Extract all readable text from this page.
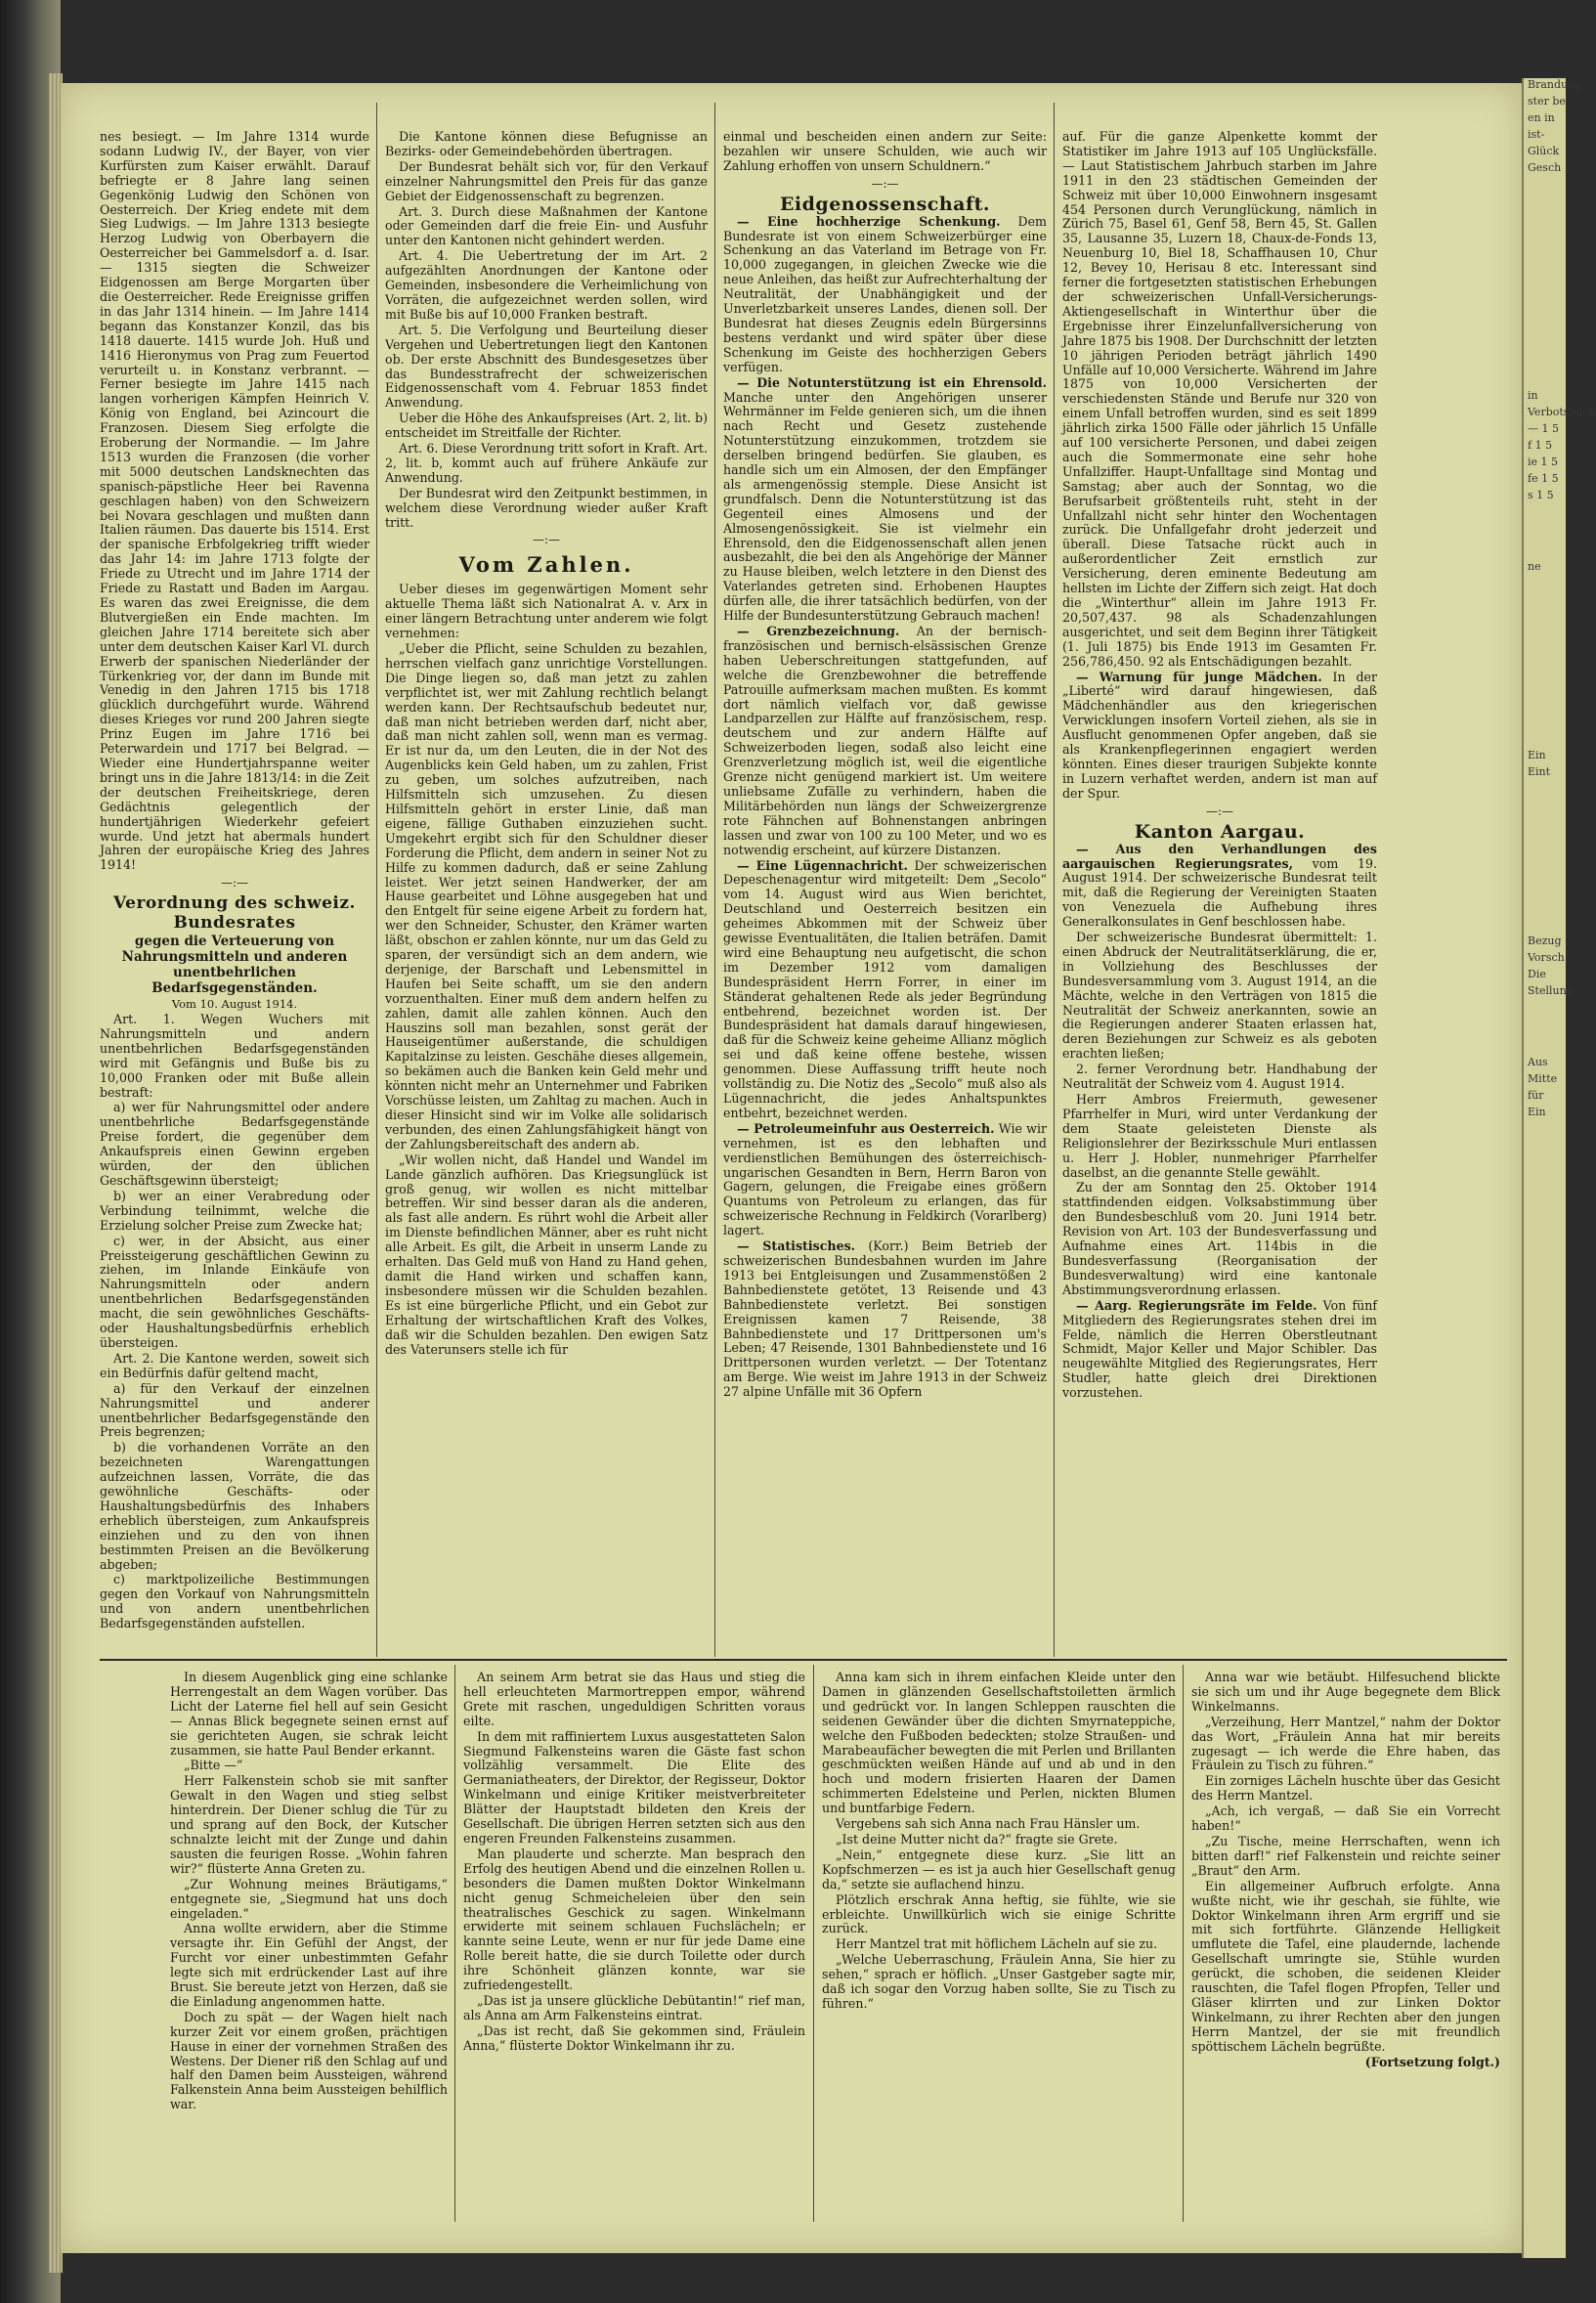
nes besiegt. — Im Jahre 1314 wurde sodann Ludwig IV., der Bayer, von vier Kurfürsten zum Kaiser erwählt. Darauf befriegte er 8 Jahre lang seinen Gegenkönig Ludwig den Schönen von Oesterreich. Der Krieg endete mit dem Sieg Ludwigs. — Im Jahre 1313 besiegte Herzog Ludwig von Oberbayern die Oesterreicher bei Gammelsdorf a. d. Isar. — 1315 siegten die Schweizer Eidgenossen am Berge Morgarten über die Oesterreicher. Rede Ereignisse griffen in das Jahr 1314 hinein. — Im Jahre 1414 begann das Konstanzer Konzil, das bis 1418 dauerte. 1415 wurde Joh. Huß und 1416 Hieronymus von Prag zum Feuertod verurteilt u. in Konstanz verbrannt. — Ferner besiegte im Jahre 1415 nach langen vorherigen Kämpfen Heinrich V. König von England, bei Azincourt die Franzosen. Diesem Sieg erfolgte die Eroberung der Normandie. — Im Jahre 1513 wurden die Franzosen (die vorher mit 5000 deutschen Landsknechten das spanisch-päpstliche Heer bei Ravenna geschlagen haben) von den Schweizern bei Novara geschlagen und mußten dann Italien räumen. Das dauerte bis 1514. Erst der spanische Erbfolgekrieg trifft wieder das Jahr 14: im Jahre 1713 folgte der Friede zu Utrecht und im Jahre 1714 der Friede zu Rastatt und Baden im Aargau. Es waren das zwei Ereignisse, die dem Blutvergießen ein Ende machten. Im gleichen Jahre 1714 bereitete sich aber unter dem deutschen Kaiser Karl VI. durch Erwerb der spanischen Niederländer der Türkenkrieg vor, der dann im Bunde mit Venedig in den Jahren 1715 bis 1718 glücklich durchgeführt wurde. Während dieses Krieges vor rund 200 Jahren siegte Prinz Eugen im Jahre 1716 bei Peterwardein und 1717 bei Belgrad. — Wieder eine Hundertjahrspanne weiter bringt uns in die Jahre 1813/14: in die Zeit der deutschen Freiheitskriege, deren Gedächtnis gelegentlich der hundertjährigen Wiederkehr gefeiert wurde. Und jetzt hat abermals hundert Jahren der europäische Krieg des Jahres 1914!

—:—

Verordnung des schweiz. Bundesrates

gegen die Verteuerung von Nahrungsmitteln und anderen unentbehrlichen Bedarfsgegenständen.

Vom 10. August 1914.

Art. 1. Wegen Wuchers mit Nahrungsmitteln und andern unentbehrlichen Bedarfsgegenständen wird mit Gefängnis und Buße bis zu 10,000 Franken oder mit Buße allein bestraft:

a) wer für Nahrungsmittel oder andere unentbehrliche Bedarfsgegenstände Preise fordert, die gegenüber dem Ankaufspreis einen Gewinn ergeben würden, der den üblichen Geschäftsgewinn übersteigt;

b) wer an einer Verabredung oder Verbindung teilnimmt, welche die Erzielung solcher Preise zum Zwecke hat;

c) wer, in der Absicht, aus einer Preissteigerung geschäftlichen Gewinn zu ziehen, im Inlande Einkäufe von Nahrungsmitteln oder andern unentbehrlichen Bedarfsgegenständen macht, die sein gewöhnliches Geschäfts- oder Haushaltungsbedürfnis erheblich übersteigen.

Art. 2. Die Kantone werden, soweit sich ein Bedürfnis dafür geltend macht,

a) für den Verkauf der einzelnen Nahrungsmittel und anderer unentbehrlicher Bedarfsgegenstände den Preis begrenzen;

b) die vorhandenen Vorräte an den bezeichneten Warengattungen aufzeichnen lassen, Vorräte, die das gewöhnliche Geschäfts- oder Haushaltungsbedürfnis des Inhabers erheblich übersteigen, zum Ankaufspreis einziehen und zu den von ihnen bestimmten Preisen an die Bevölkerung abgeben;

c) marktpolizeiliche Bestimmungen gegen den Vorkauf von Nahrungsmitteln und von andern unentbehrlichen Bedarfsgegenständen aufstellen.

Die Kantone können diese Befugnisse an Bezirks- oder Gemeindebehörden übertragen.

Der Bundesrat behält sich vor, für den Verkauf einzelner Nahrungsmittel den Preis für das ganze Gebiet der Eidgenossenschaft zu begrenzen.

Art. 3. Durch diese Maßnahmen der Kantone oder Gemeinden darf die freie Ein- und Ausfuhr unter den Kantonen nicht gehindert werden.

Art. 4. Die Uebertretung der im Art. 2 aufgezählten Anordnungen der Kantone oder Gemeinden, insbesondere die Verheimlichung von Vorräten, die aufgezeichnet werden sollen, wird mit Buße bis auf 10,000 Franken bestraft.

Art. 5. Die Verfolgung und Beurteilung dieser Vergehen und Uebertretungen liegt den Kantonen ob. Der erste Abschnitt des Bundesgesetzes über das Bundesstrafrecht der schweizerischen Eidgenossenschaft vom 4. Februar 1853 findet Anwendung.

Ueber die Höhe des Ankaufspreises (Art. 2, lit. b) entscheidet im Streitfalle der Richter.

Art. 6. Diese Verordnung tritt sofort in Kraft. Art. 2, lit. b, kommt auch auf frühere Ankäufe zur Anwendung.

Der Bundesrat wird den Zeitpunkt bestimmen, in welchem diese Verordnung wieder außer Kraft tritt.

—:—

Vom Zahlen.

Ueber dieses im gegenwärtigen Moment sehr aktuelle Thema läßt sich Nationalrat A. v. Arx in einer längern Betrachtung unter anderem wie folgt vernehmen:

„Ueber die Pflicht, seine Schulden zu bezahlen, herrschen vielfach ganz unrichtige Vorstellungen. Die Dinge liegen so, daß man jetzt zu zahlen verpflichtet ist, wer mit Zahlung rechtlich belangt werden kann. Der Rechtsaufschub bedeutet nur, daß man nicht betrieben werden darf, nicht aber, daß man nicht zahlen soll, wenn man es vermag. Er ist nur da, um den Leuten, die in der Not des Augenblicks kein Geld haben, um zu zahlen, Frist zu geben, um solches aufzutreiben, nach Hilfsmitteln sich umzusehen. Zu diesen Hilfsmitteln gehört in erster Linie, daß man eigene, fällige Guthaben einzuziehen sucht. Umgekehrt ergibt sich für den Schuldner dieser Forderung die Pflicht, dem andern in seiner Not zu Hilfe zu kommen dadurch, daß er seine Zahlung leistet. Wer jetzt seinen Handwerker, der am Hause gearbeitet und Löhne ausgegeben hat und den Entgelt für seine eigene Arbeit zu fordern hat, wer den Schneider, Schuster, den Krämer warten läßt, obschon er zahlen könnte, nur um das Geld zu sparen, der versündigt sich an dem andern, wie derjenige, der Barschaft und Lebensmittel in Haufen bei Seite schafft, um sie den andern vorzuenthalten. Einer muß dem andern helfen zu zahlen, damit alle zahlen können. Auch den Hauszins soll man bezahlen, sonst gerät der Hauseigentümer außerstande, die schuldigen Kapitalzinse zu leisten. Geschähe dieses allgemein, so bekämen auch die Banken kein Geld mehr und könnten nicht mehr an Unternehmer und Fabriken Vorschüsse leisten, um Zahltag zu machen. Auch in dieser Hinsicht sind wir im Volke alle solidarisch verbunden, des einen Zahlungsfähigkeit hängt von der Zahlungsbereitschaft des andern ab.

„Wir wollen nicht, daß Handel und Wandel im Lande gänzlich aufhören. Das Kriegsunglück ist groß genug, wir wollen es nicht mittelbar betreffen. Wir sind besser daran als die anderen, als fast alle andern. Es rührt wohl die Arbeit aller im Dienste befindlichen Männer, aber es ruht nicht alle Arbeit. Es gilt, die Arbeit in unserm Lande zu erhalten. Das Geld muß von Hand zu Hand gehen, damit die Hand wirken und schaffen kann, insbesondere müssen wir die Schulden bezahlen. Es ist eine bürgerliche Pflicht, und ein Gebot zur Erhaltung der wirtschaftlichen Kraft des Volkes, daß wir die Schulden bezahlen. Den ewigen Satz des Vaterunsers stelle ich für

einmal und bescheiden einen andern zur Seite: bezahlen wir unsere Schulden, wie auch wir Zahlung erhoffen von unsern Schuldnern.“

—:—

Eidgenossenschaft.

— Eine hochherzige Schenkung. Dem Bundesrate ist von einem Schweizerbürger eine Schenkung an das Vaterland im Betrage von Fr. 10,000 zugegangen, in gleichen Zwecke wie die neue Anleihen, das heißt zur Aufrechterhaltung der Neutralität, der Unabhängigkeit und der Unverletzbarkeit unseres Landes, dienen soll. Der Bundesrat hat dieses Zeugnis edeln Bürgersinns bestens verdankt und wird später über diese Schenkung im Geiste des hochherzigen Gebers verfügen.

— Die Notunterstützung ist ein Ehrensold. Manche unter den Angehörigen unserer Wehrmänner im Felde genieren sich, um die ihnen nach Recht und Gesetz zustehende Notunterstützung einzukommen, trotzdem sie derselben bringend bedürfen. Sie glauben, es handle sich um ein Almosen, der den Empfänger als armengenössig stemple. Diese Ansicht ist grundfalsch. Denn die Notunterstützung ist das Gegenteil eines Almosens und der Almosengenössigkeit. Sie ist vielmehr ein Ehrensold, den die Eidgenossenschaft allen jenen ausbezahlt, die bei den als Angehörige der Männer zu Hause bleiben, welch letztere in den Dienst des Vaterlandes getreten sind. Erhobenen Hauptes dürfen alle, die ihrer tatsächlich bedürfen, von der Hilfe der Bundesunterstützung Gebrauch machen!

— Grenzbezeichnung. An der bernisch-französischen und bernisch-elsässischen Grenze haben Ueberschreitungen stattgefunden, auf welche die Grenzbewohner die betreffende Patrouille aufmerksam machen mußten. Es kommt dort nämlich vielfach vor, daß gewisse Landparzellen zur Hälfte auf französischem, resp. deutschem und zur andern Hälfte auf Schweizerboden liegen, sodaß also leicht eine Grenzverletzung möglich ist, weil die eigentliche Grenze nicht genügend markiert ist. Um weitere unliebsame Zufälle zu verhindern, haben die Militärbehörden nun längs der Schweizergrenze rote Fähnchen auf Bohnenstangen anbringen lassen und zwar von 100 zu 100 Meter, und wo es notwendig erscheint, auf kürzere Distanzen.

— Eine Lügennachricht. Der schweizerischen Depeschenagentur wird mitgeteilt: Dem „Secolo“ vom 14. August wird aus Wien berichtet, Deutschland und Oesterreich besitzen ein geheimes Abkommen mit der Schweiz über gewisse Eventualitäten, die Italien beträfen. Damit wird eine Behauptung neu aufgetischt, die schon im Dezember 1912 vom damaligen Bundespräsident Herrn Forrer, in einer im Ständerat gehaltenen Rede als jeder Begründung entbehrend, bezeichnet worden ist. Der Bundespräsident hat damals darauf hingewiesen, daß für die Schweiz keine geheime Allianz möglich sei und daß keine offene bestehe, wissen genommen. Diese Auffassung trifft heute noch vollständig zu. Die Notiz des „Secolo“ muß also als Lügennachricht, die jedes Anhaltspunktes entbehrt, bezeichnet werden.

— Petroleumeinfuhr aus Oesterreich. Wie wir vernehmen, ist es den lebhaften und verdienstlichen Bemühungen des österreichisch-ungarischen Gesandten in Bern, Herrn Baron von Gagern, gelungen, die Freigabe eines größern Quantums von Petroleum zu erlangen, das für schweizerische Rechnung in Feldkirch (Vorarlberg) lagert.

— Statistisches. (Korr.) Beim Betrieb der schweizerischen Bundesbahnen wurden im Jahre 1913 bei Entgleisungen und Zusammenstößen 2 Bahnbedienstete getötet, 13 Reisende und 43 Bahnbedienstete verletzt. Bei sonstigen Ereignissen kamen 7 Reisende, 38 Bahnbedienstete und 17 Drittpersonen um's Leben; 47 Reisende, 1301 Bahnbedienstete und 16 Drittpersonen wurden verletzt. — Der Totentanz am Berge. Wie weist im Jahre 1913 in der Schweiz 27 alpine Unfälle mit 36 Opfern

auf. Für die ganze Alpenkette kommt der Statistiker im Jahre 1913 auf 105 Unglücksfälle. — Laut Statistischem Jahrbuch starben im Jahre 1911 in den 23 städtischen Gemeinden der Schweiz mit über 10,000 Einwohnern insgesamt 454 Personen durch Verunglückung, nämlich in Zürich 75, Basel 61, Genf 58, Bern 45, St. Gallen 35, Lausanne 35, Luzern 18, Chaux-de-Fonds 13, Neuenburg 10, Biel 18, Schaffhausen 10, Chur 12, Bevey 10, Herisau 8 etc. Interessant sind ferner die fortgesetzten statistischen Erhebungen der schweizerischen Unfall-Versicherungs-Aktiengesellschaft in Winterthur über die Ergebnisse ihrer Einzelunfallversicherung von Jahre 1875 bis 1908. Der Durchschnitt der letzten 10 jährigen Perioden beträgt jährlich 1490 Unfälle auf 10,000 Versicherte. Während im Jahre 1875 von 10,000 Versicherten der verschiedensten Stände und Berufe nur 320 von einem Unfall betroffen wurden, sind es seit 1899 jährlich zirka 1500 Fälle oder jährlich 15 Unfälle auf 100 versicherte Personen, und dabei zeigen auch die Sommermonate eine sehr hohe Unfallziffer. Haupt-Unfalltage sind Montag und Samstag; aber auch der Sonntag, wo die Berufsarbeit größtenteils ruht, steht in der Unfallzahl nicht sehr hinter den Wochentagen zurück. Die Unfallgefahr droht jederzeit und überall. Diese Tatsache rückt auch in außerordentlicher Zeit ernstlich zur Versicherung, deren eminente Bedeutung am hellsten im Lichte der Ziffern sich zeigt. Hat doch die „Winterthur“ allein im Jahre 1913 Fr. 20,507,437. 98 als Schadenzahlungen ausgerichtet, und seit dem Beginn ihrer Tätigkeit (1. Juli 1875) bis Ende 1913 im Gesamten Fr. 256,786,450. 92 als Entschädigungen bezahlt.

— Warnung für junge Mädchen. In der „Liberté“ wird darauf hingewiesen, daß Mädchenhändler aus den kriegerischen Verwicklungen insofern Vorteil ziehen, als sie in Ausflucht genommenen Opfer angeben, daß sie als Krankenpflegerinnen engagiert werden könnten. Eines dieser traurigen Subjekte konnte in Luzern verhaftet werden, andern ist man auf der Spur.

—:—

Kanton Aargau.

— Aus den Verhandlungen des aargauischen Regierungsrates, vom 19. August 1914. Der schweizerische Bundesrat teilt mit, daß die Regierung der Vereinigten Staaten von Venezuela die Aufhebung ihres Generalkonsulates in Genf beschlossen habe.

Der schweizerische Bundesrat übermittelt: 1. einen Abdruck der Neutralitätserklärung, die er, in Vollziehung des Beschlusses der Bundesversammlung vom 3. August 1914, an die Mächte, welche in den Verträgen von 1815 die Neutralität der Schweiz anerkannten, sowie an die Regierungen anderer Staaten erlassen hat, deren Beziehungen zur Schweiz es als geboten erachten ließen;

2. ferner Verordnung betr. Handhabung der Neutralität der Schweiz vom 4. August 1914.

Herr Ambros Freiermuth, gewesener Pfarrhelfer in Muri, wird unter Verdankung der dem Staate geleisteten Dienste als Religionslehrer der Bezirksschule Muri entlassen u. Herr J. Hobler, nunmehriger Pfarrhelfer daselbst, an die genannte Stelle gewählt.

Zu der am Sonntag den 25. Oktober 1914 stattfindenden eidgen. Volksabstimmung über den Bundesbeschluß vom 20. Juni 1914 betr. Revision von Art. 103 der Bundesverfassung und Aufnahme eines Art. 114bis in die Bundesverfassung (Reorganisation der Bundesverwaltung) wird eine kantonale Abstimmungsverordnung erlassen.

— Aarg. Regierungsräte im Felde. Von fünf Mitgliedern des Regierungsrates stehen drei im Felde, nämlich die Herren Oberstleutnant Schmidt, Major Keller und Major Schibler. Das neugewählte Mitglied des Regierungsrates, Herr Studler, hatte gleich drei Direktionen vorzustehen.

In diesem Augenblick ging eine schlanke Herrengestalt an dem Wagen vorüber. Das Licht der Laterne fiel hell auf sein Gesicht — Annas Blick begegnete seinen ernst auf sie gerichteten Augen, sie schrak leicht zusammen, sie hatte Paul Bender erkannt.

„Bitte —“

Herr Falkenstein schob sie mit sanfter Gewalt in den Wagen und stieg selbst hinterdrein. Der Diener schlug die Tür zu und sprang auf den Bock, der Kutscher schnalzte leicht mit der Zunge und dahin sausten die feurigen Rosse. „Wohin fahren wir?“ flüsterte Anna Greten zu.

„Zur Wohnung meines Bräutigams,“ entgegnete sie, „Siegmund hat uns doch eingeladen.“

Anna wollte erwidern, aber die Stimme versagte ihr. Ein Gefühl der Angst, der Furcht vor einer unbestimmten Gefahr legte sich mit erdrückender Last auf ihre Brust. Sie bereute jetzt von Herzen, daß sie die Einladung angenommen hatte.

Doch zu spät — der Wagen hielt nach kurzer Zeit vor einem großen, prächtigen Hause in einer der vornehmen Straßen des Westens. Der Diener riß den Schlag auf und half den Damen beim Aussteigen, während Falkenstein Anna beim Aussteigen behilflich war.

An seinem Arm betrat sie das Haus und stieg die hell erleuchteten Marmortreppen empor, während Grete mit raschen, ungeduldigen Schritten voraus eilte.

In dem mit raffiniertem Luxus ausgestatteten Salon Siegmund Falkensteins waren die Gäste fast schon vollzählig versammelt. Die Elite des Germaniatheaters, der Direktor, der Regisseur, Doktor Winkelmann und einige Kritiker meistverbreiteter Blätter der Hauptstadt bildeten den Kreis der Gesellschaft. Die übrigen Herren setzten sich aus den engeren Freunden Falkensteins zusammen.

Man plauderte und scherzte. Man besprach den Erfolg des heutigen Abend und die einzelnen Rollen u. besonders die Damen mußten Doktor Winkelmann nicht genug Schmeicheleien über den sein theatralisches Geschick zu sagen. Winkelmann erwiderte mit seinem schlauen Fuchslächeln; er kannte seine Leute, wenn er nur für jede Dame eine Rolle bereit hatte, die sie durch Toilette oder durch ihre Schönheit glänzen konnte, war sie zufriedengestellt.

„Das ist ja unsere glückliche Debütantin!“ rief man, als Anna am Arm Falkensteins eintrat.

„Das ist recht, daß Sie gekommen sind, Fräulein Anna,“ flüsterte Doktor Winkelmann ihr zu.

Anna kam sich in ihrem einfachen Kleide unter den Damen in glänzenden Gesellschaftstoiletten ärmlich und gedrückt vor. In langen Schleppen rauschten die seidenen Gewänder über die dichten Smyrnateppiche, welche den Fußboden bedeckten; stolze Straußen- und Marabeaufächer bewegten die mit Perlen und Brillanten geschmückten weißen Hände auf und ab und in den hoch und modern frisierten Haaren der Damen schimmerten Edelsteine und Perlen, nickten Blumen und buntfarbige Federn.

Vergebens sah sich Anna nach Frau Hänsler um.

„Ist deine Mutter nicht da?“ fragte sie Grete.

„Nein,“ entgegnete diese kurz. „Sie litt an Kopfschmerzen — es ist ja auch hier Gesellschaft genug da,“ setzte sie auflachend hinzu.

Plötzlich erschrak Anna heftig, sie fühlte, wie sie erbleichte. Unwillkürlich wich sie einige Schritte zurück.

Herr Mantzel trat mit höflichem Lächeln auf sie zu.

„Welche Ueberraschung, Fräulein Anna, Sie hier zu sehen,“ sprach er höflich. „Unser Gastgeber sagte mir, daß ich sogar den Vorzug haben sollte, Sie zu Tisch zu führen.“

Anna war wie betäubt. Hilfesuchend blickte sie sich um und ihr Auge begegnete dem Blick Winkelmanns.

„Verzeihung, Herr Mantzel,“ nahm der Doktor das Wort, „Fräulein Anna hat mir bereits zugesagt — ich werde die Ehre haben, das Fräulein zu Tisch zu führen.“

Ein zorniges Lächeln huschte über das Gesicht des Herrn Mantzel.

„Ach, ich vergaß, — daß Sie ein Vorrecht haben!“

„Zu Tische, meine Herrschaften, wenn ich bitten darf!“ rief Falkenstein und reichte seiner „Braut“ den Arm.

Ein allgemeiner Aufbruch erfolgte. Anna wußte nicht, wie ihr geschah, sie fühlte, wie Doktor Winkelmann ihren Arm ergriff und sie mit sich fortführte. Glänzende Helligkeit umflutete die Tafel, eine plaudernde, lachende Gesellschaft umringte sie, Stühle wurden gerückt, die schoben, die seidenen Kleider rauschten, die Tafel flogen Pfropfen, Teller und Gläser klirrten und zur Linken Doktor Winkelmann, zu ihrer Rechten aber den jungen Herrn Mantzel, der sie mit freundlich spöttischem Lächeln begrüßte.

(Fortsetzung folgt.)

Brandung

ster be

en in

ist-

Glück

Gesch

in

Verbotsbuch

— 1 5

f 1 5

ie 1 5

fe 1 5

s 1 5

ne

Ein

Eint

Bezug

Vorsch

Die

Stellung

Aus

Mitte

für

Ein
